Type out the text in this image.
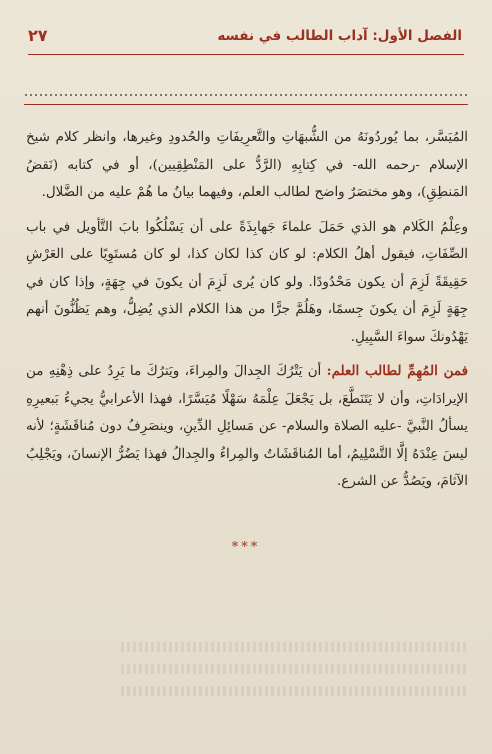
الفصل الأول: آداب الطالب في نفسه
٢٧

المُيَسَّر، بما يُوردُونَهُ من الشُّبهَاتِ والتَّعرِيفَاتِ والحُدودِ وغيرها، وانظر كلام شيخ الإسلام -رحمه الله- في كِتابِهِ (الرَّدُّ على المَنْطِقِيين)، أو في كتابه (نَقضُ المَنطِقِ)، وهو مختصَرٌ واضح لطالب العلم، وفيهما بيانُ ما هُمْ عليه من الضَّلال.

وعِلْمُ الكَلام هو الذي حَمَلَ علماءَ جَهابِذَةً على أن يَسْلُكُوا بابَ التَّأويل في باب الصِّفَاتِ، فيقول أهلُ الكلام: لو كان كذا لكان كذا، لو كان مُستَوِيًا على العَرْشِ حَقِيقَةً لَزِمَ أن يكون مَحْدُودًا. ولو كان يُرى لَزِمَ أن يكونَ في جِهَةٍ، وإذا كان في جِهَةٍ لَزِمَ أن يكونَ جِسمًا، وهَلُمَّ جرًّا من هذا الكلام الذي يُضِلُّ، وهم يَظُنُّونَ أنهم يَهْدُونكَ سواءَ السَّبِيلِ.

فمن المُهِمِّ لطالب العلم: أن يَتْرُكَ الجِدالَ والمِراءَ، ويَترُكَ ما يَرِدُ على ذِهْنِهِ من الإيرادَاتِ، وأن لا يَتَنَطَّعَ، بل يَجْعَلَ عِلْمَهُ سَهْلًا مُيَسَّرًا، فهذا الأعرابيُّ يجيءُ بَبعيرِهِ يسألُ النَّبيَّ -عليه الصلاة والسلام- عن مَسائِلِ الدِّينِ، وينصَرِفُ دون مُناقَشَةٍ؛ لأنه ليسَ عِنْدَهُ إلَّا التَّسْلِيمُ، أما المُناقَشَاتُ والمِراءُ والجِدالُ فهذا يَضُرُّ الإنسانَ، ويَجْلِبُ الآثامَ، ويَصُدُّ عن الشرع.

***
